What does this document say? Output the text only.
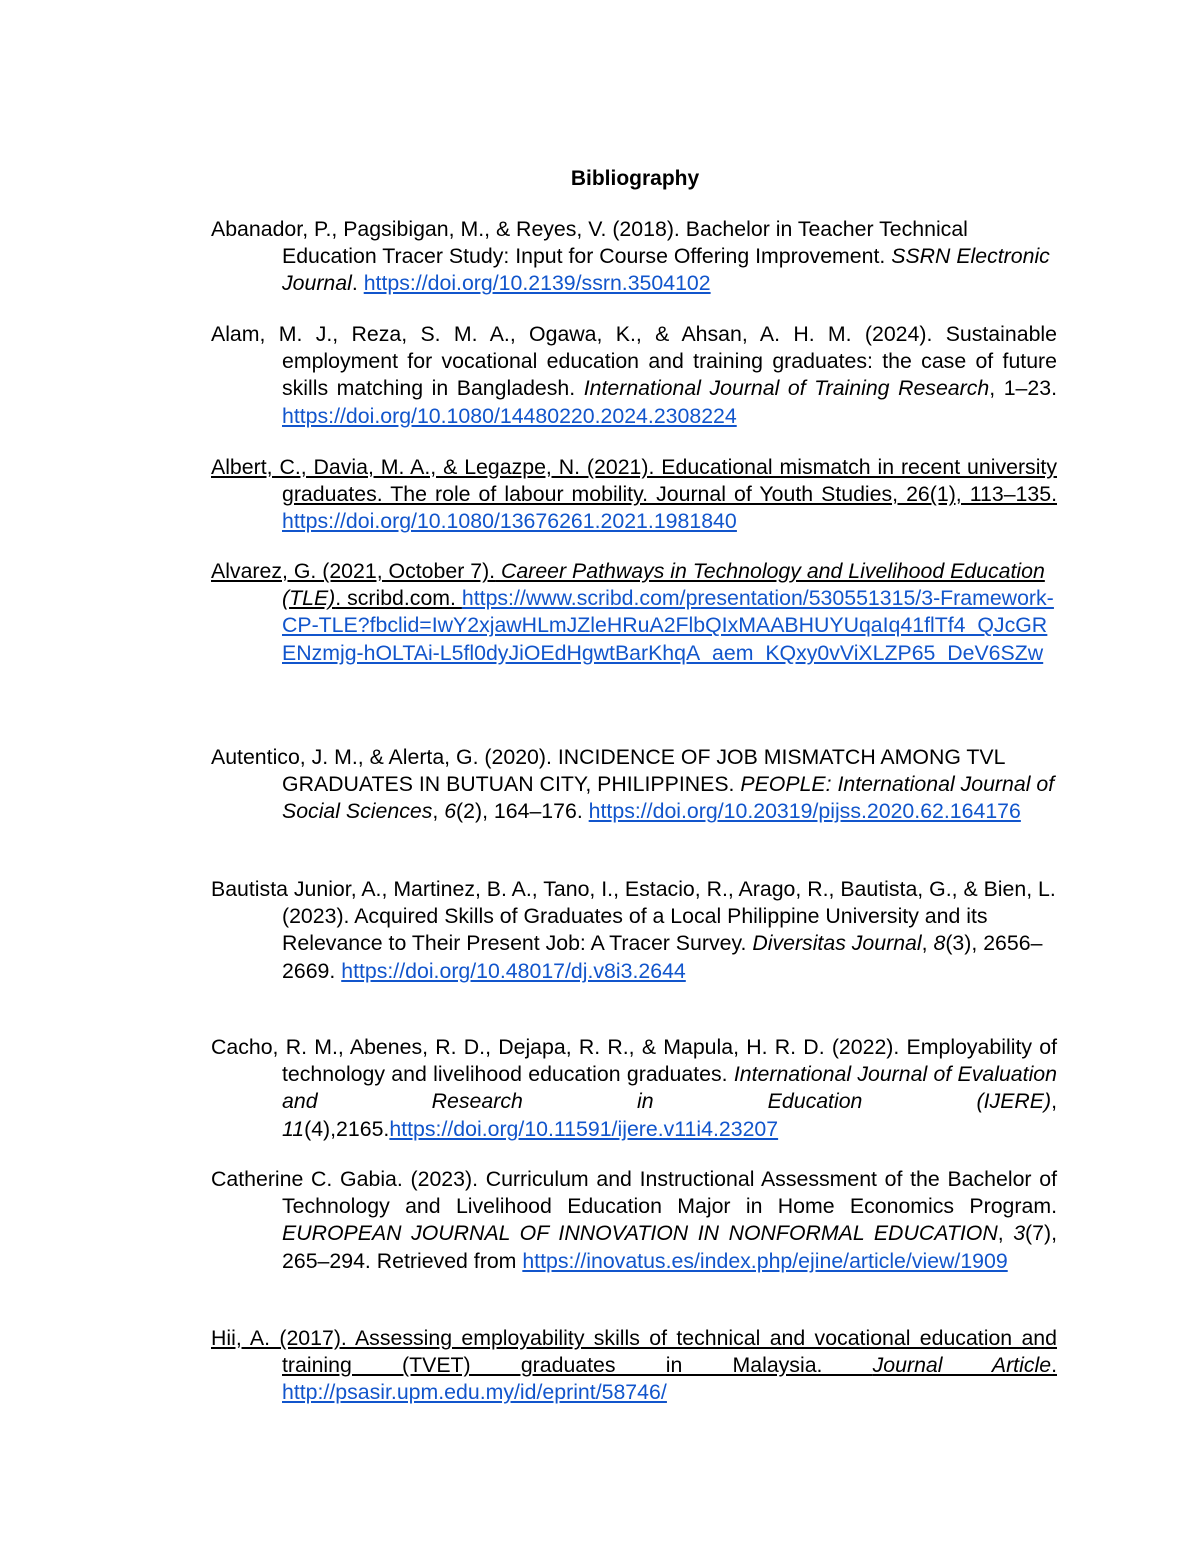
Bibliography

Abanador, P., Pagsibigan, M., & Reyes, V. (2018). Bachelor in Teacher Technical Education Tracer Study: Input for Course Offering Improvement. SSRN Electronic Journal. https://doi.org/10.2139/ssrn.3504102

Alam, M. J., Reza, S. M. A., Ogawa, K., & Ahsan, A. H. M. (2024). Sustainable employment for vocational education and training graduates: the case of future skills matching in Bangladesh. International Journal of Training Research, 1–23. https://doi.org/10.1080/14480220.2024.2308224

Albert, C., Davia, M. A., & Legazpe, N. (2021). Educational mismatch in recent university graduates. The role of labour mobility. Journal of Youth Studies, 26(1), 113–135. https://doi.org/10.1080/13676261.2021.1981840

Alvarez, G. (2021, October 7). Career Pathways in Technology and Livelihood Education (TLE). scribd.com. https://www.scribd.com/presentation/530551315/3-Framework-CP-TLE?fbclid=IwY2xjawHLmJZleHRuA2FlbQIxMAABHUYUqaIq41flTf4_QJcGRENzmjg-hOLTAi-L5fl0dyJiOEdHgwtBarKhqA_aem_KQxy0vViXLZP65_DeV6SZw

Autentico, J. M., & Alerta, G. (2020). INCIDENCE OF JOB MISMATCH AMONG TVL GRADUATES IN BUTUAN CITY, PHILIPPINES. PEOPLE: International Journal of Social Sciences, 6(2), 164–176. https://doi.org/10.20319/pijss.2020.62.164176

Bautista Junior, A., Martinez, B. A., Tano, I., Estacio, R., Arago, R., Bautista, G., & Bien, L. (2023). Acquired Skills of Graduates of a Local Philippine University and its Relevance to Their Present Job: A Tracer Survey. Diversitas Journal, 8(3), 2656–2669. https://doi.org/10.48017/dj.v8i3.2644

Cacho, R. M., Abenes, R. D., Dejapa, R. R., & Mapula, H. R. D. (2022). Employability of technology and livelihood education graduates. International Journal of Evaluation and Research in Education (IJERE), 11(4),2165.https://doi.org/10.11591/ijere.v11i4.23207

Catherine C. Gabia. (2023). Curriculum and Instructional Assessment of the Bachelor of Technology and Livelihood Education Major in Home Economics Program. EUROPEAN JOURNAL OF INNOVATION IN NONFORMAL EDUCATION, 3(7), 265–294. Retrieved from https://inovatus.es/index.php/ejine/article/view/1909

Hii, A. (2017). Assessing employability skills of technical and vocational education and training (TVET) graduates in Malaysia. Journal Article. http://psasir.upm.edu.my/id/eprint/58746/
